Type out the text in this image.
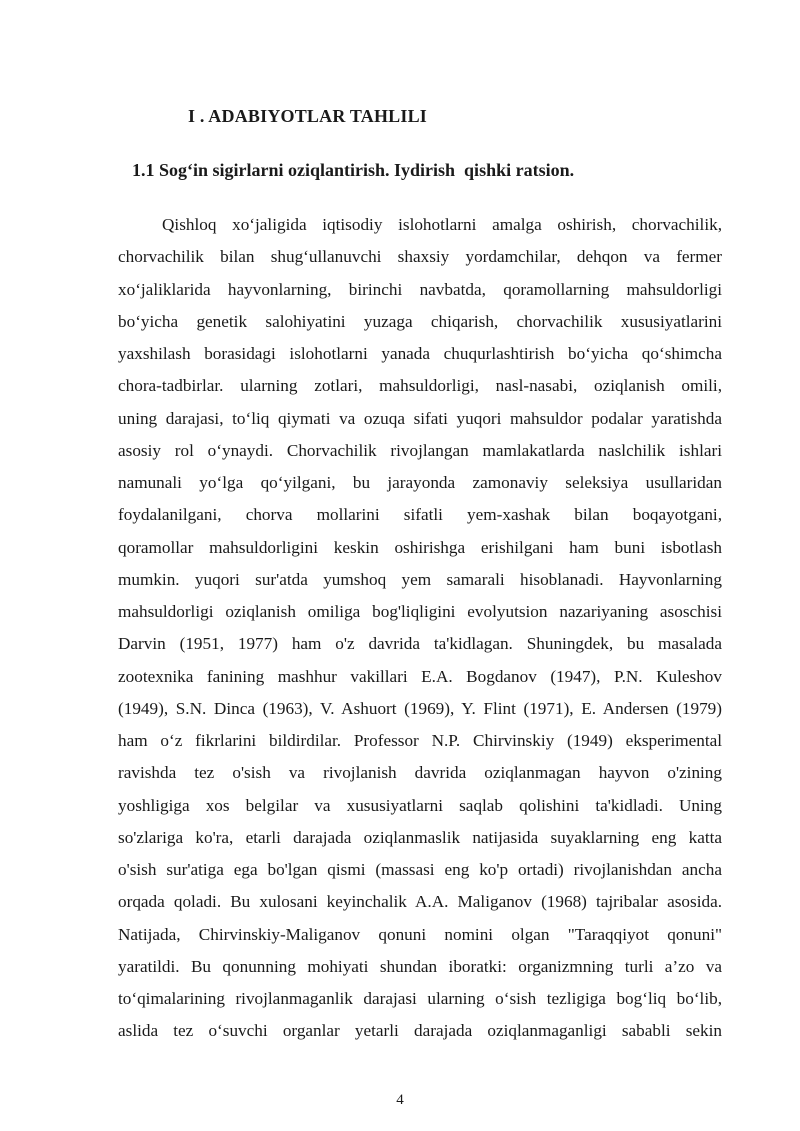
I . ADABIYOTLAR TAHLILI
1.1 Sog‘in sigirlarni oziqlantirish. Iydirish  qishki ratsion.
Qishloq xo‘jaligida iqtisodiy islohotlarni amalga oshirish, chorvachilik,
chorvachilik bilan shug‘ullanuvchi shaxsiy yordamchilar, dehqon va fermer
xo‘jaliklarida hayvonlarning, birinchi navbatda, qoramollarning mahsuldorligi
bo‘yicha genetik salohiyatini yuzaga chiqarish, chorvachilik xususiyatlarini
yaxshilash borasidagi islohotlarni yanada chuqurlashtirish bo‘yicha qo‘shimcha
chora-tadbirlar. ularning zotlari, mahsuldorligi, nasl-nasabi, oziqlanish omili,
uning darajasi, to‘liq qiymati va ozuqa sifati yuqori mahsuldor podalar yaratishda
asosiy rol o‘ynaydi. Chorvachilik rivojlangan mamlakatlarda naslchilik ishlari
namunali yo‘lga qo‘yilgani, bu jarayonda zamonaviy seleksiya usullaridan
foydalanilgani, chorva mollarini sifatli yem-xashak bilan boqayotgani,
qoramollar mahsuldorligini keskin oshirishga erishilgani ham buni isbotlash
mumkin. yuqori sur'atda yumshoq yem samarali hisoblanadi. Hayvonlarning
mahsuldorligi oziqlanish omiliga bog'liqligini evolyutsion nazariyaning asoschisi
Darvin (1951, 1977) ham o'z davrida ta'kidlagan. Shuningdek, bu masalada
zootexnika fanining mashhur vakillari E.A. Bogdanov (1947), P.N. Kuleshov
(1949), S.N. Dinca (1963), V. Ashuort (1969), Y. Flint (1971), E. Andersen (1979)
ham o‘z fikrlarini bildirdilar. Professor N.P. Chirvinskiy (1949) eksperimental
ravishda tez o'sish va rivojlanish davrida oziqlanmagan hayvon o'zining
yoshligiga xos belgilar va xususiyatlarni saqlab qolishini ta'kidladi. Uning
so'zlariga ko'ra, etarli darajada oziqlanmaslik natijasida suyaklarning eng katta
o'sish sur'atiga ega bo'lgan qismi (massasi eng ko'p ortadi) rivojlanishdan ancha
orqada qoladi. Bu xulosani keyinchalik A.A. Maliganov (1968) tajribalar asosida.
Natijada, Chirvinskiy-Maliganov qonuni nomini olgan "Taraqqiyot qonuni"
yaratildi. Bu qonunning mohiyati shundan iboratki: organizmning turli a’zo va
to‘qimalarining rivojlanmaganlik darajasi ularning o‘sish tezligiga bog‘liq bo‘lib,
aslida tez o‘suvchi organlar yetarli darajada oziqlanmaganligi sababli sekin
4
